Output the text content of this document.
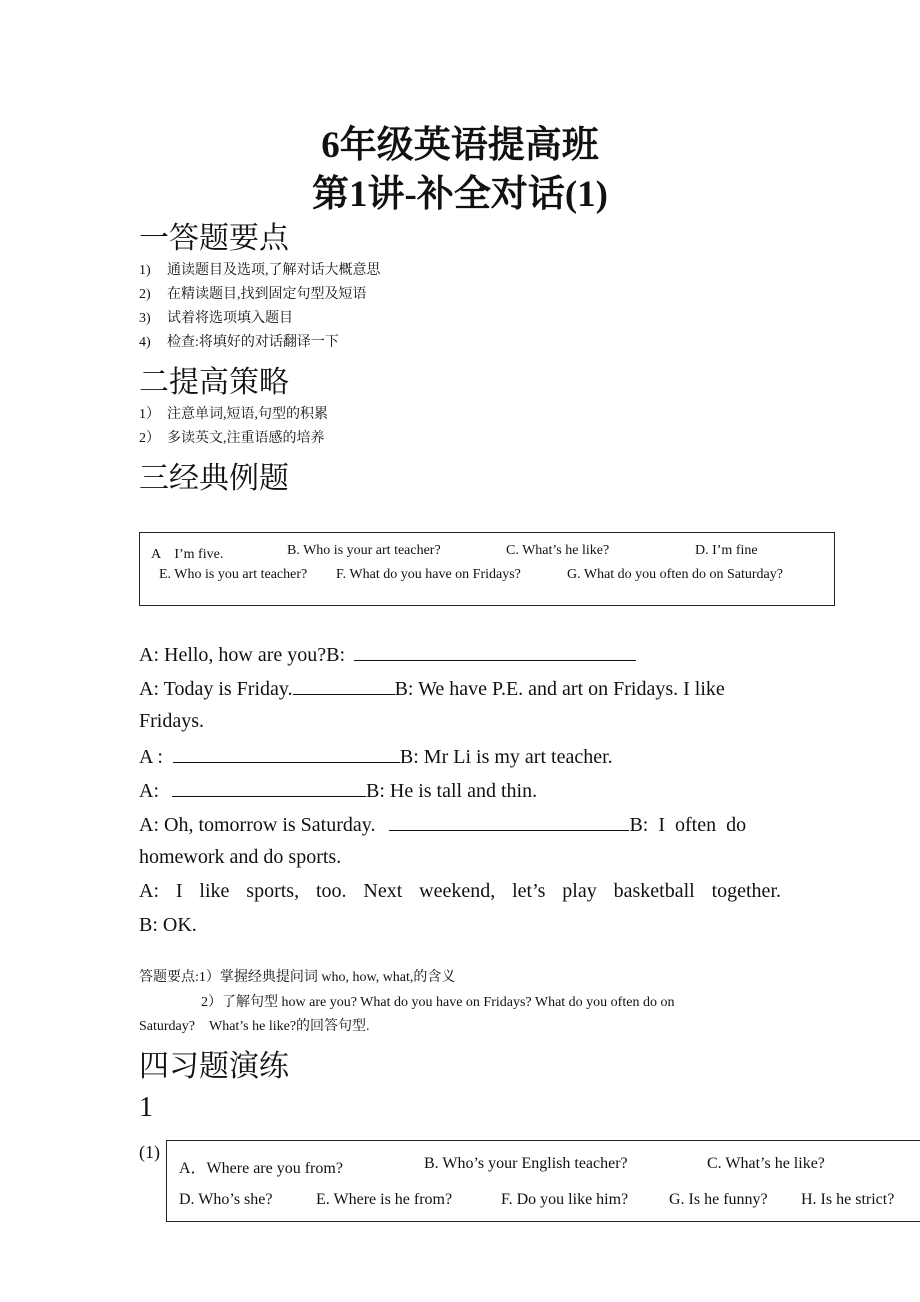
6年级英语提高班
第1讲-补全对话(1)
一答题要点
1) 通读题目及选项,了解对话大概意思
2) 在精读题目,找到固定句型及短语
3) 试着将选项填入题目
4) 检查:将填好的对话翻译一下
二提高策略
1） 注意单词,短语,句型的积累
2） 多读英文,注重语感的培养
三经典例题
A　I’m five.	B. Who is your art teacher?	C. What’s he like?	D. I’m fine
E. Who is you art teacher? F. What do you have on Fridays?	G. What do you often do on Saturday?
A: Hello, how are you?B:
A: Today is Friday.	B: We have P.E. and art on Fridays. I like
Fridays.
A :	B: Mr Li is my art teacher.
A:	B: He is tall and thin.
A: Oh, tomorrow is Saturday.	B: I often do
homework and do sports.
A: I like sports, too. Next weekend, let’s play basketball together.
B: OK.
答题要点:1）掌握经典提问词 who, how, what,的含义
2）了解句型 how are you? What do you have on Fridays? What do you often do on
Saturday?　What’s he like?的回答句型.
四习题演练
1
(1)
A．Where are you from?	B. Who’s your English teacher?	C. What’s he like?
D. Who’s she?	E. Where is he from?	F. Do you like him?	G. Is he funny? H. Is he strict?
